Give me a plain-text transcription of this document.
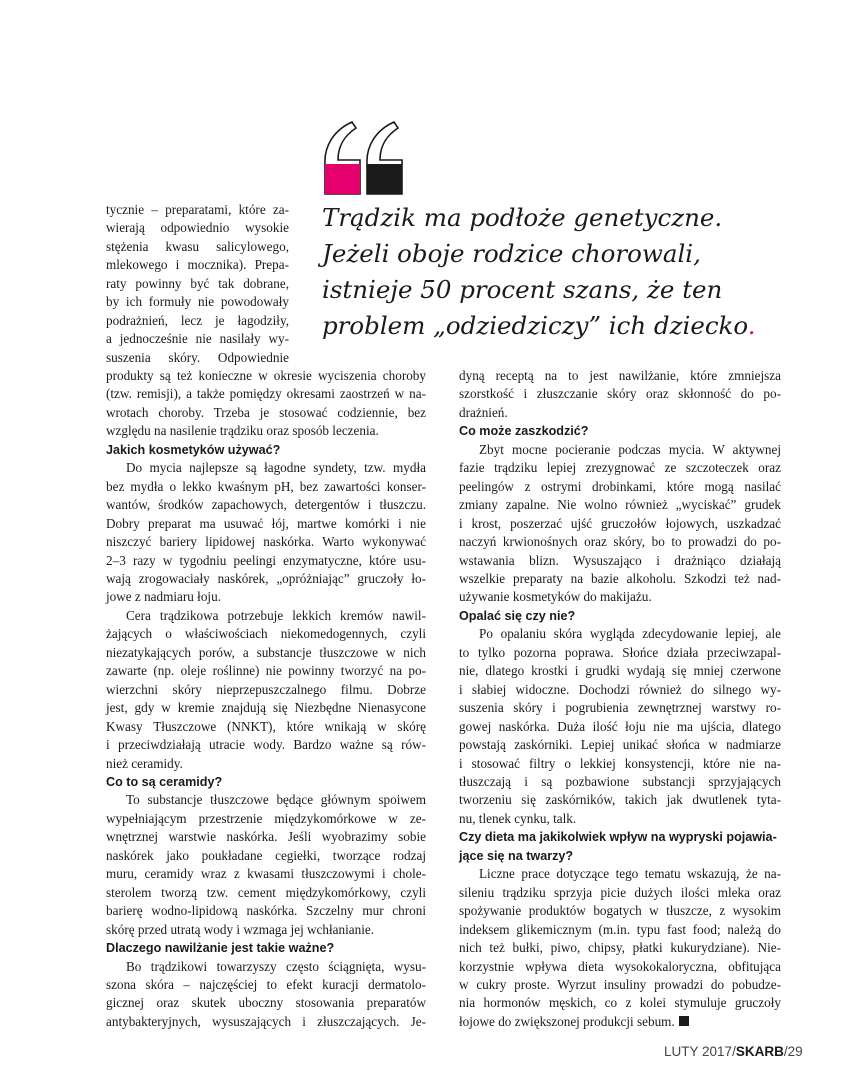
Trądzik ma podłoże genetyczne.
Jeżeli oboje rodzice chorowali,
istnieje 50 procent szans, że ten
problem „odziedziczy” ich dziecko.
tycznie – preparatami, które za-
wierają odpowiednio wysokie
stężenia kwasu salicylowego,
mlekowego i mocznika). Prepa-
raty powinny być tak dobrane,
by ich formuły nie powodowały
podrażnień, lecz je łagodziły,
a jednocześnie nie nasilały wy-
suszenia skóry. Odpowiednie
produkty są też konieczne w okresie wyciszenia choroby
(tzw. remisji), a także pomiędzy okresami zaostrzeń w na-
wrotach choroby. Trzeba je stosować codziennie, bez
względu na nasilenie trądziku oraz sposób leczenia.
Jakich kosmetyków używać?
Do mycia najlepsze są łagodne syndety, tzw. mydła
bez mydła o lekko kwaśnym pH, bez zawartości konser-
wantów, środków zapachowych, detergentów i tłuszczu.
Dobry preparat ma usuwać łój, martwe komórki i nie
niszczyć bariery lipidowej naskórka. Warto wykonywać
2–3 razy w tygodniu peelingi enzymatyczne, które usu-
wają zrogowaciały naskórek, „opróżniając” gruczoły ło-
jowe z nadmiaru łoju.
Cera trądzikowa potrzebuje lekkich kremów nawil-
żających o właściwościach niekomedogennych, czyli
niezatykających porów, a substancje tłuszczowe w nich
zawarte (np. oleje roślinne) nie powinny tworzyć na po-
wierzchni skóry nieprzepuszczalnego filmu. Dobrze
jest, gdy w kremie znajdują się Niezbędne Nienasycone
Kwasy Tłuszczowe (NNKT), które wnikają w skórę
i przeciwdziałają utracie wody. Bardzo ważne są rów-
nież ceramidy.
Co to są ceramidy?
To substancje tłuszczowe będące głównym spoiwem
wypełniającym przestrzenie międzykomórkowe w ze-
wnętrznej warstwie naskórka. Jeśli wyobrazimy sobie
naskórek jako poukładane cegiełki, tworzące rodzaj
muru, ceramidy wraz z kwasami tłuszczowymi i chole-
sterolem tworzą tzw. cement międzykomórkowy, czyli
barierę wodno-lipidową naskórka. Szczelny mur chroni
skórę przed utratą wody i wzmaga jej wchłanianie.
Dlaczego nawilżanie jest takie ważne?
Bo trądzikowi towarzyszy często ściągnięta, wysu-
szona skóra – najczęściej to efekt kuracji dermatolo-
gicznej oraz skutek uboczny stosowania preparatów
antybakteryjnych, wysuszających i złuszczających. Je-
dyną receptą na to jest nawilżanie, które zmniejsza
szorstkość i złuszczanie skóry oraz skłonność do po-
drażnień.
Co może zaszkodzić?
Zbyt mocne pocieranie podczas mycia. W aktywnej
fazie trądziku lepiej zrezygnować ze szczoteczek oraz
peelingów z ostrymi drobinkami, które mogą nasilać
zmiany zapalne. Nie wolno również „wyciskać” grudek
i krost, poszerzać ujść gruczołów łojowych, uszkadzać
naczyń krwionośnych oraz skóry, bo to prowadzi do po-
wstawania blizn. Wysuszająco i drażniąco działają
wszelkie preparaty na bazie alkoholu. Szkodzi też nad-
używanie kosmetyków do makijażu.
Opalać się czy nie?
Po opalaniu skóra wygląda zdecydowanie lepiej, ale
to tylko pozorna poprawa. Słońce działa przeciwzapal-
nie, dlatego krostki i grudki wydają się mniej czerwone
i słabiej widoczne. Dochodzi również do silnego wy-
suszenia skóry i pogrubienia zewnętrznej warstwy ro-
gowej naskórka. Duża ilość łoju nie ma ujścia, dlatego
powstają zaskórniki. Lepiej unikać słońca w nadmiarze
i stosować filtry o lekkiej konsystencji, które nie na-
tłuszczają i są pozbawione substancji sprzyjających
tworzeniu się zaskórników, takich jak dwutlenek tyta-
nu, tlenek cynku, talk.
Czy dieta ma jakikolwiek wpływ na wypryski pojawia-
jące się na twarzy?
Liczne prace dotyczące tego tematu wskazują, że na-
sileniu trądziku sprzyja picie dużych ilości mleka oraz
spożywanie produktów bogatych w tłuszcze, z wysokim
indeksem glikemicznym (m.in. typu fast food; należą do
nich też bułki, piwo, chipsy, płatki kukurydziane). Nie-
korzystnie wpływa dieta wysokokaloryczna, obfitująca
w cukry proste. Wyrzut insuliny prowadzi do pobudze-
nia hormonów męskich, co z kolei stymuluje gruczoły
łojowe do zwiększonej produkcji sebum.
LUTY 2017/SKARB/29
